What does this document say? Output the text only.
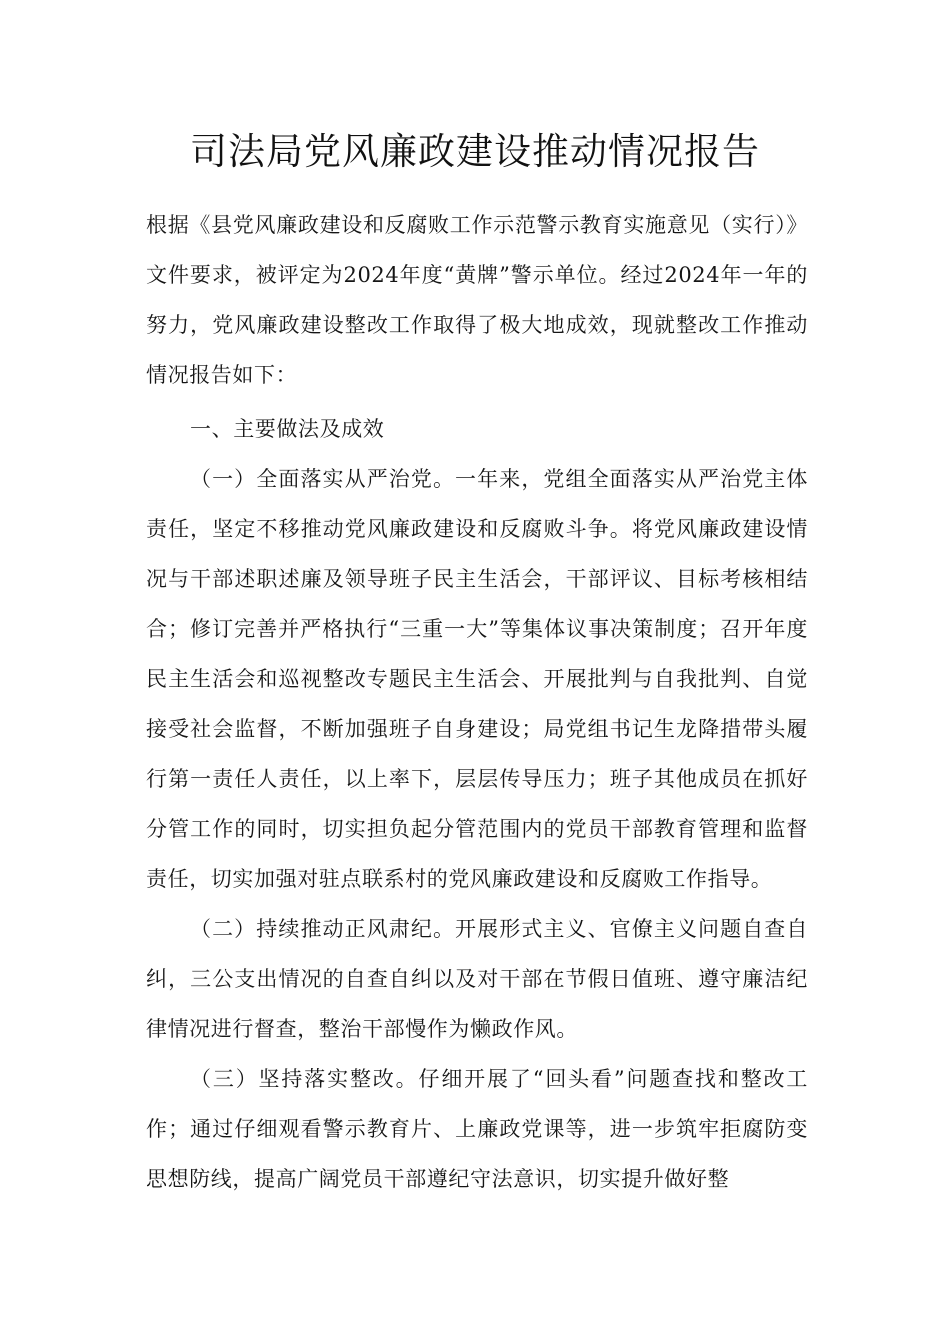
司法局党风廉政建设推动情况报告

根据《县党风廉政建设和反腐败工作示范警示教育实施意见（实行）》文件要求，被评定为2024年度“黄牌”警示单位。经过2024年一年的努力，党风廉政建设整改工作取得了极大地成效，现就整改工作推动情况报告如下：

一、主要做法及成效

（一）全面落实从严治党。一年来，党组全面落实从严治党主体责任，坚定不移推动党风廉政建设和反腐败斗争。将党风廉政建设情况与干部述职述廉及领导班子民主生活会，干部评议、目标考核相结合；修订完善并严格执行“三重一大”等集体议事决策制度；召开年度民主生活会和巡视整改专题民主生活会、开展批判与自我批判、自觉接受社会监督，不断加强班子自身建设；局党组书记生龙降措带头履行第一责任人责任，以上率下，层层传导压力；班子其他成员在抓好分管工作的同时，切实担负起分管范围内的党员干部教育管理和监督责任，切实加强对驻点联系村的党风廉政建设和反腐败工作指导。

（二）持续推动正风肃纪。开展形式主义、官僚主义问题自查自纠，三公支出情况的自查自纠以及对干部在节假日值班、遵守廉洁纪律情况进行督查，整治干部慢作为懒政作风。

（三）坚持落实整改。仔细开展了“回头看”问题查找和整改工作；通过仔细观看警示教育片、上廉政党课等，进一步筑牢拒腐防变思想防线，提高广阔党员干部遵纪守法意识，切实提升做好整
